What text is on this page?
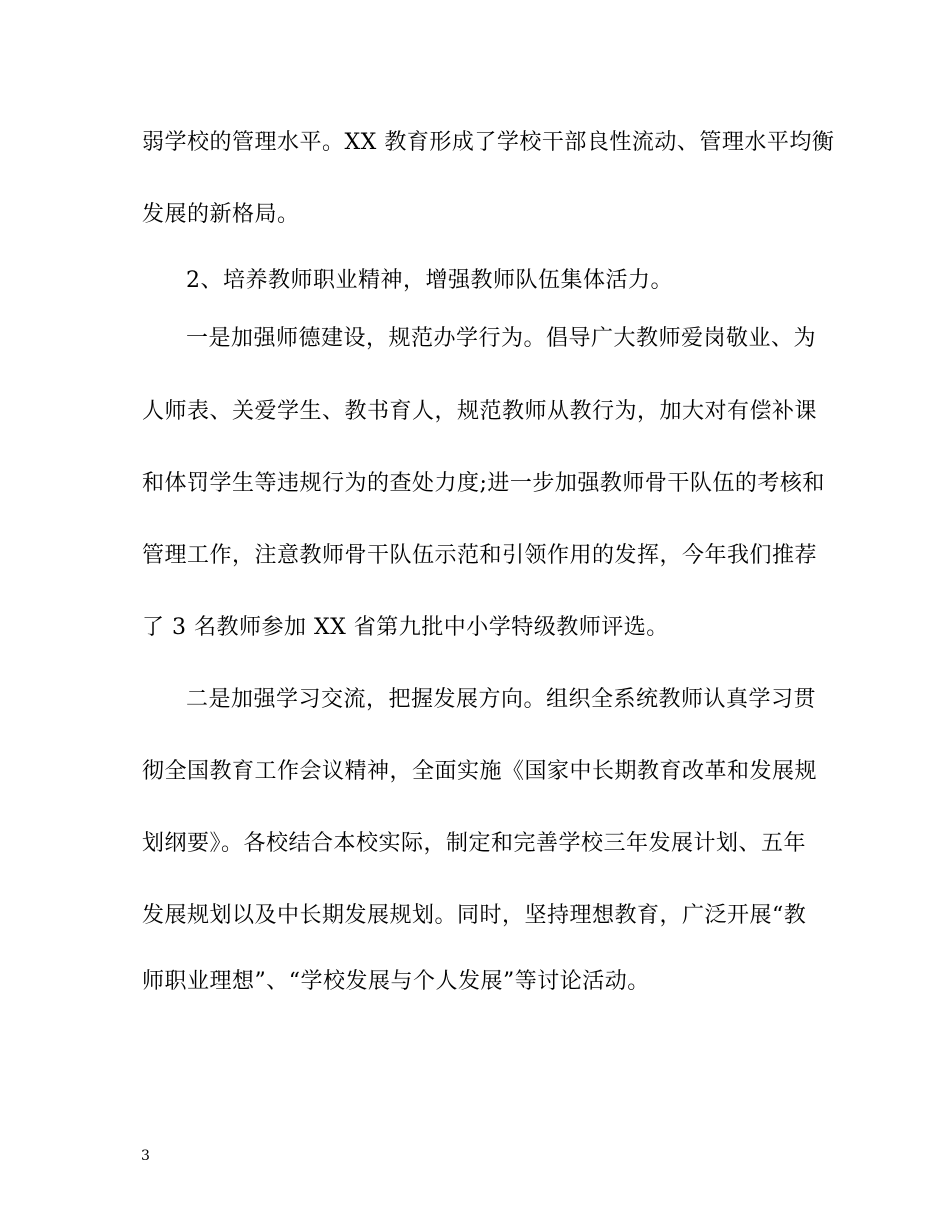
弱学校的管理水平。XX 教育形成了学校干部良性流动、管理水平均衡
发展的新格局。
2、培养教师职业精神，增强教师队伍集体活力。
一是加强师德建设，规范办学行为。倡导广大教师爱岗敬业、为
人师表、关爱学生、教书育人，规范教师从教行为，加大对有偿补课
和体罚学生等违规行为的查处力度;进一步加强教师骨干队伍的考核和
管理工作，注意教师骨干队伍示范和引领作用的发挥，今年我们推荐
了 3 名教师参加 XX 省第九批中小学特级教师评选。
二是加强学习交流，把握发展方向。组织全系统教师认真学习贯
彻全国教育工作会议精神，全面实施《国家中长期教育改革和发展规
划纲要》。各校结合本校实际，制定和完善学校三年发展计划、五年
发展规划以及中长期发展规划。同时，坚持理想教育，广泛开展“教
师职业理想”、“学校发展与个人发展”等讨论活动。
3
